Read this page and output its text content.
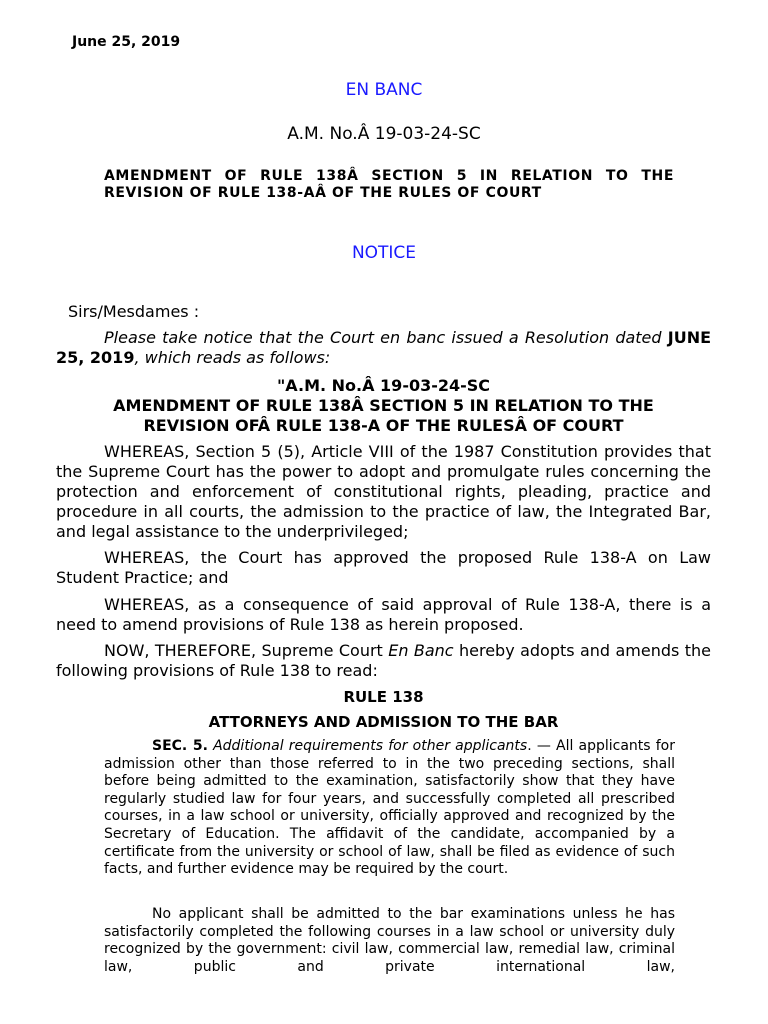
June 25, 2019
EN BANC
A.M. No.Â 19-03-24-SC
AMENDMENT OF RULE 138Â SECTION 5 IN RELATION TO THE REVISION OF RULE 138-AÂ OF THE RULES OF COURT
NOTICE
Sirs/Mesdames :
Please take notice that the Court en banc issued a Resolution dated JUNE 25, 2019, which reads as follows:
"A.M. No.Â 19-03-24-SC
AMENDMENT OF RULE 138Â SECTION 5 IN RELATION TO THE
REVISION OFÂ RULE 138-A OF THE RULESÂ OF COURT
WHEREAS, Section 5 (5), Article VIII of the 1987 Constitution provides that the Supreme Court has the power to adopt and promulgate rules concerning the protection and enforcement of constitutional rights, pleading, practice and procedure in all courts, the admission to the practice of law, the Integrated Bar, and legal assistance to the underprivileged;
WHEREAS, the Court has approved the proposed Rule 138-A on Law Student Practice; and
WHEREAS, as a consequence of said approval of Rule 138-A, there is a need to amend provisions of Rule 138 as herein proposed.
NOW, THEREFORE, Supreme Court En Banc hereby adopts and amends the following provisions of Rule 138 to read:
RULE 138
ATTORNEYS AND ADMISSION TO THE BAR
SEC. 5. Additional requirements for other applicants. — All applicants for admission other than those referred to in the two preceding sections, shall before being admitted to the examination, satisfactorily show that they have regularly studied law for four years, and successfully completed all prescribed courses, in a law school or university, officially approved and recognized by the Secretary of Education. The affidavit of the candidate, accompanied by a certificate from the university or school of law, shall be filed as evidence of such facts, and further evidence may be required by the court.
No applicant shall be admitted to the bar examinations unless he has satisfactorily completed the following courses in a law school or university duly recognized by the government: civil law, commercial law, remedial law, criminal law, public and private international law,
